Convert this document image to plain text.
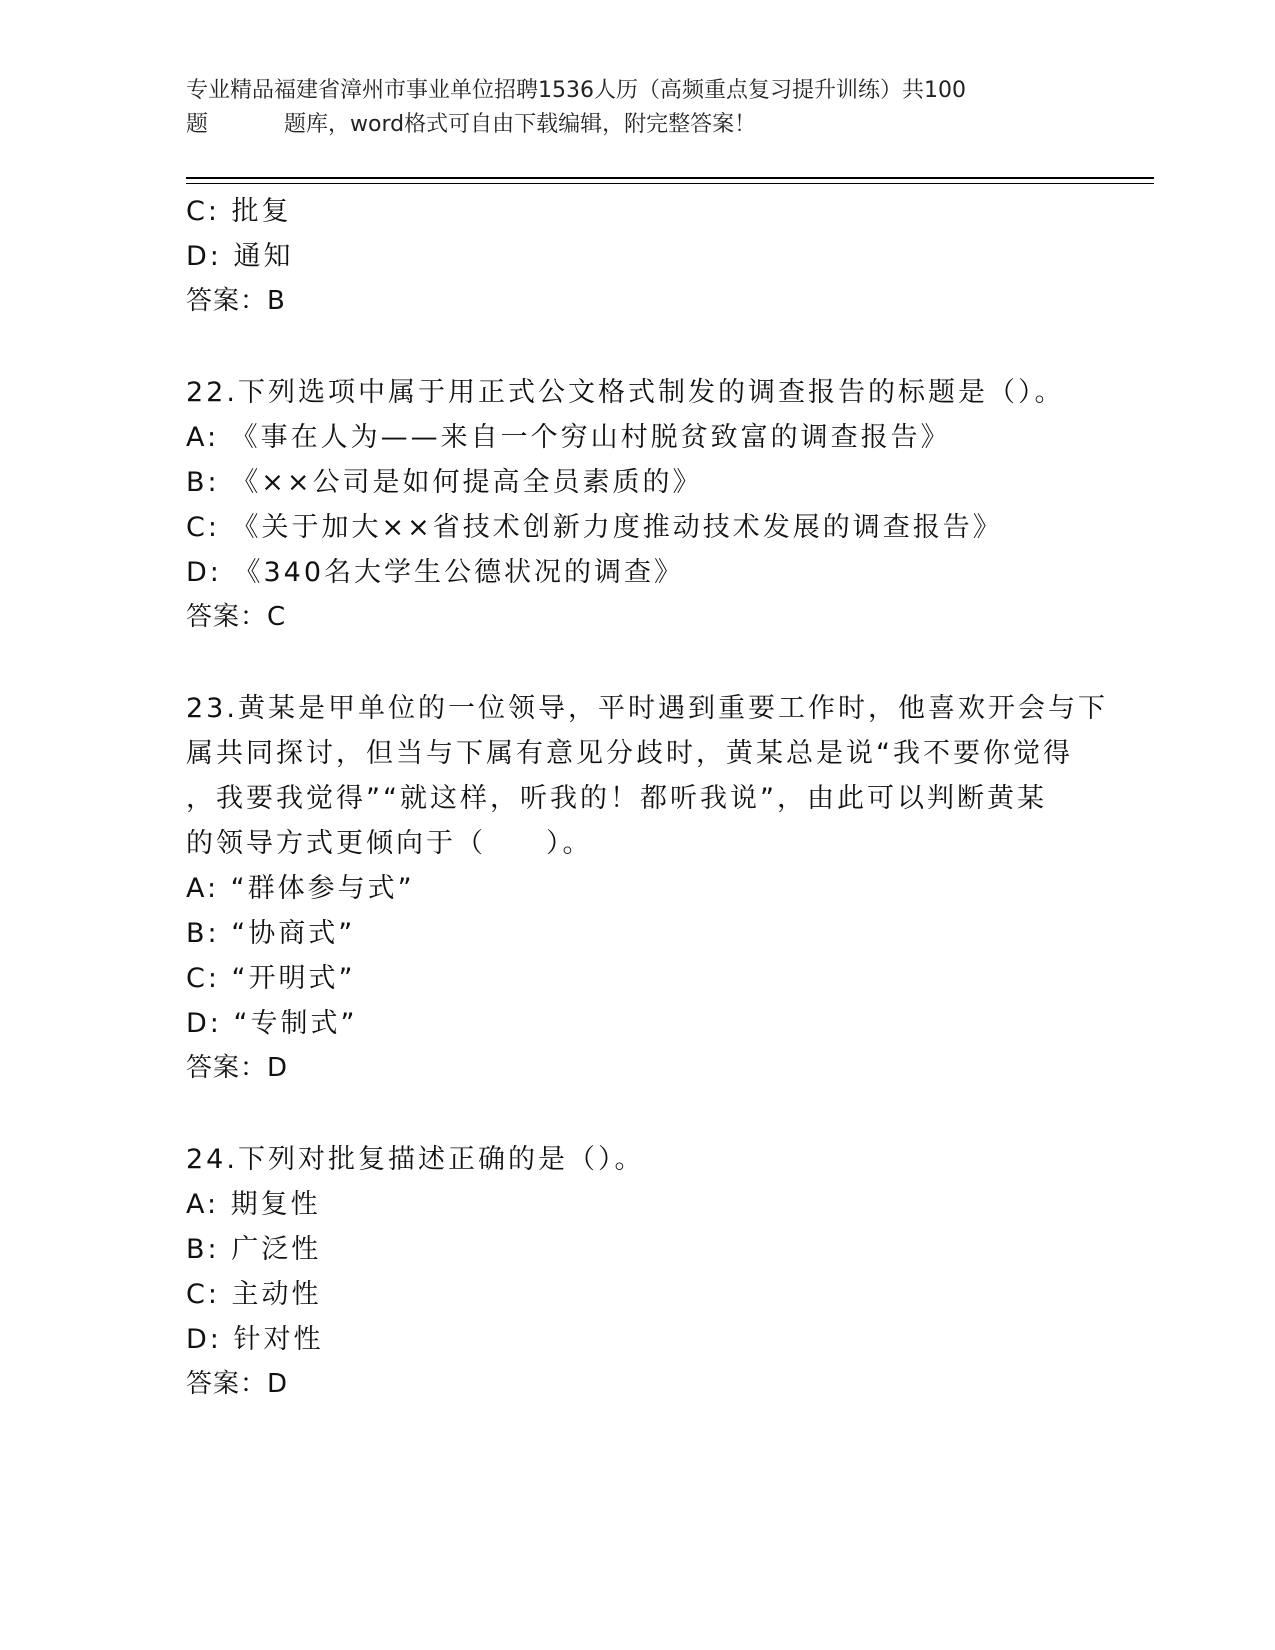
专业精品福建省漳州市事业单位招聘1536人历（高频重点复习提升训练）共100
题	题库，word格式可自由下载编辑，附完整答案！
C: 批复
D: 通知
答案：B
22.下列选项中属于用正式公文格式制发的调查报告的标题是（）。
A: 《事在人为——来自一个穷山村脱贫致富的调查报告》
B: 《××公司是如何提高全员素质的》
C: 《关于加大××省技术创新力度推动技术发展的调查报告》
D: 《340名大学生公德状况的调查》
答案：C
23.黄某是甲单位的一位领导，平时遇到重要工作时，他喜欢开会与下
属共同探讨，但当与下属有意见分歧时，黄某总是说“我不要你觉得
，我要我觉得”“就这样，听我的！都听我说”，由此可以判断黄某
的领导方式更倾向于（　　）。
A: “群体参与式”
B: “协商式”
C: “开明式”
D: “专制式”
答案：D
24.下列对批复描述正确的是（）。
A: 期复性
B: 广泛性
C: 主动性
D: 针对性
答案：D
